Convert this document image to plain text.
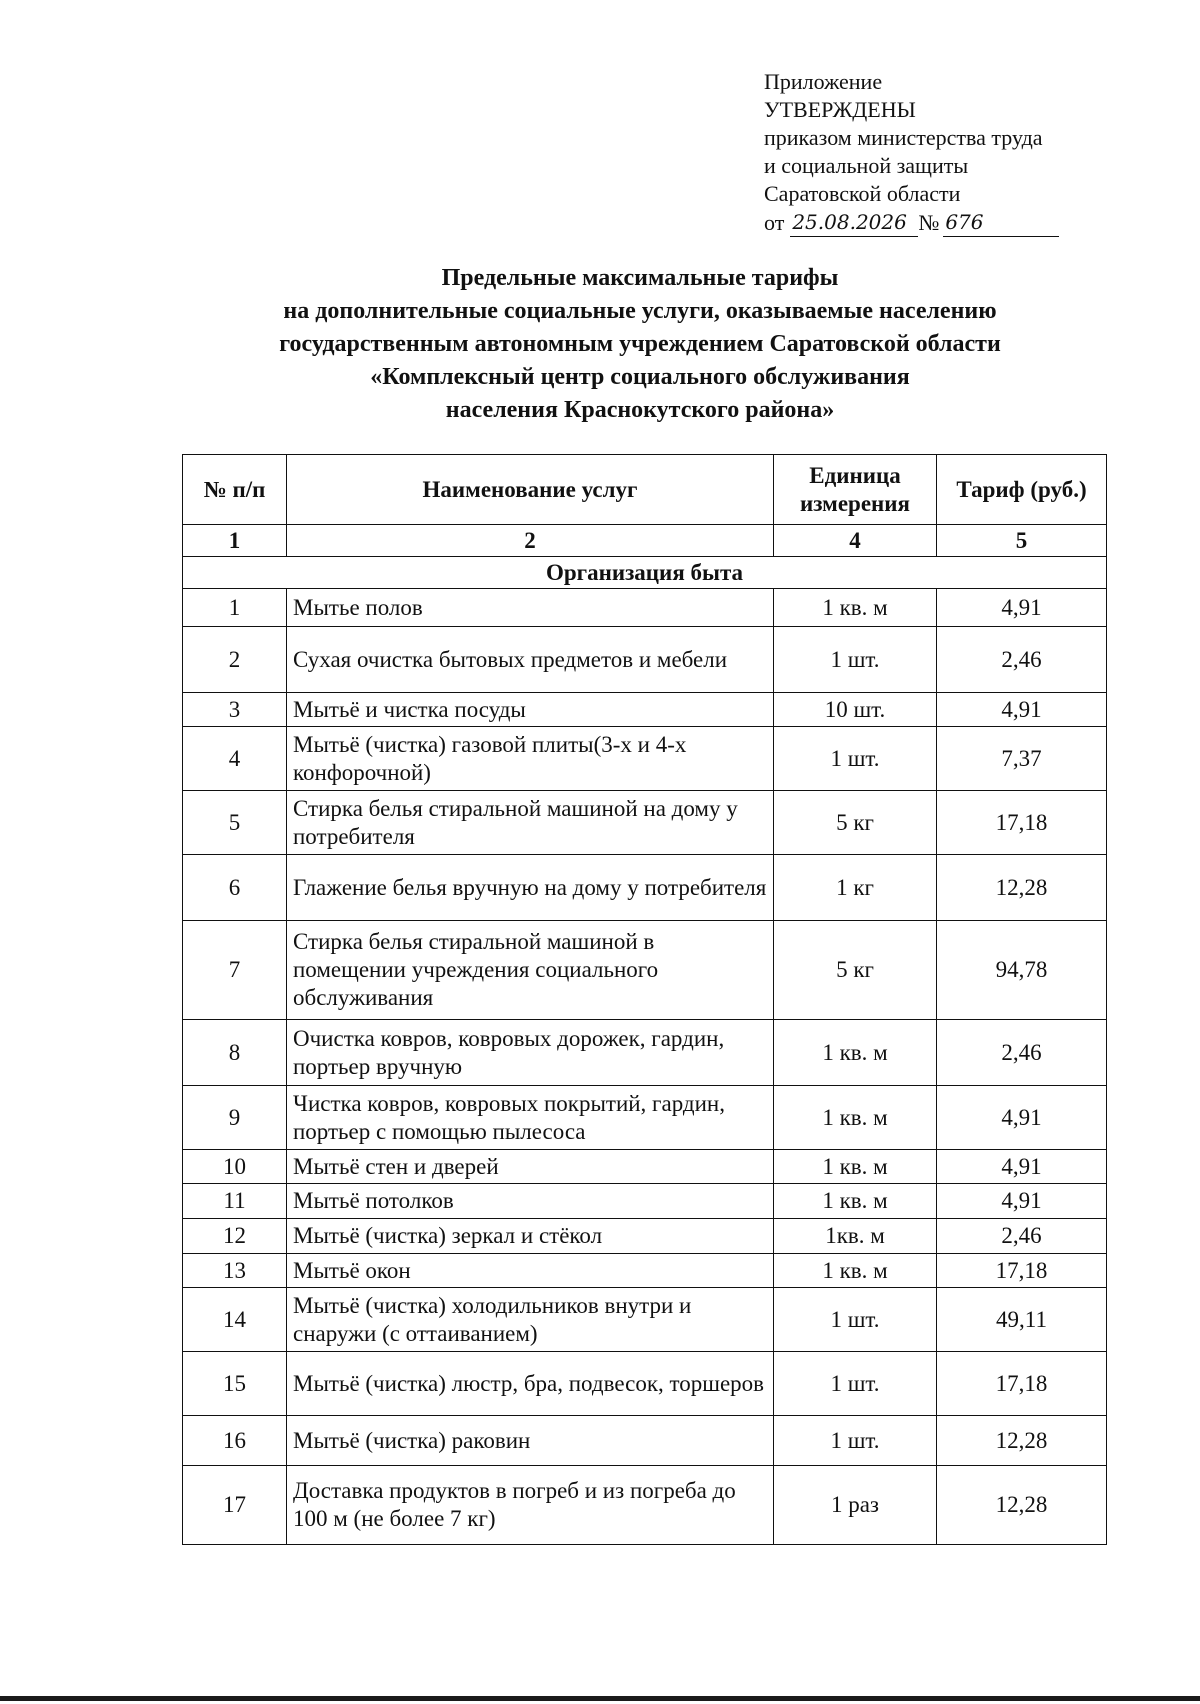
Приложение
УТВЕРЖДЕНЫ
приказом министерства труда
и социальной защиты
Саратовской области
от 25.08.2026 № 676
Предельные максимальные тарифы
на дополнительные социальные услуги, оказываемые населению
государственным автономным учреждением Саратовской области
«Комплексный центр социального обслуживания
населения Краснокутского района»
№ п/п	Наименование услуг	Единица измерения	Тариф (руб.)
1	2	4	5
Организация быта			
1	Мытье полов	1 кв. м	4,91
2	Сухая очистка бытовых предметов и мебели	1 шт.	2,46
3	Мытьё и чистка посуды	10 шт.	4,91
4	Мытьё (чистка) газовой плиты(3-х и 4-х конфорочной)	1 шт.	7,37
5	Стирка белья стиральной машиной на дому у потребителя	5 кг	17,18
6	Глажение белья вручную на дому у потребителя	1 кг	12,28
7	Стирка белья стиральной машиной в помещении учреждения социального обслуживания	5 кг	94,78
8	Очистка ковров, ковровых дорожек, гардин, портьер вручную	1 кв. м	2,46
9	Чистка ковров, ковровых покрытий, гардин, портьер с помощью пылесоса	1 кв. м	4,91
10	Мытьё стен и дверей	1 кв. м	4,91
11	Мытьё потолков	1 кв. м	4,91
12	Мытьё (чистка) зеркал и стёкол	1кв. м	2,46
13	Мытьё окон	1 кв. м	17,18
14	Мытьё (чистка) холодильников внутри и снаружи (с оттаиванием)	1 шт.	49,11
15	Мытьё (чистка) люстр, бра, подвесок, торшеров	1 шт.	17,18
16	Мытьё (чистка) раковин	1 шт.	12,28
17	Доставка продуктов в погреб и из погреба до 100 м (не более 7 кг)	1 раз	12,28
